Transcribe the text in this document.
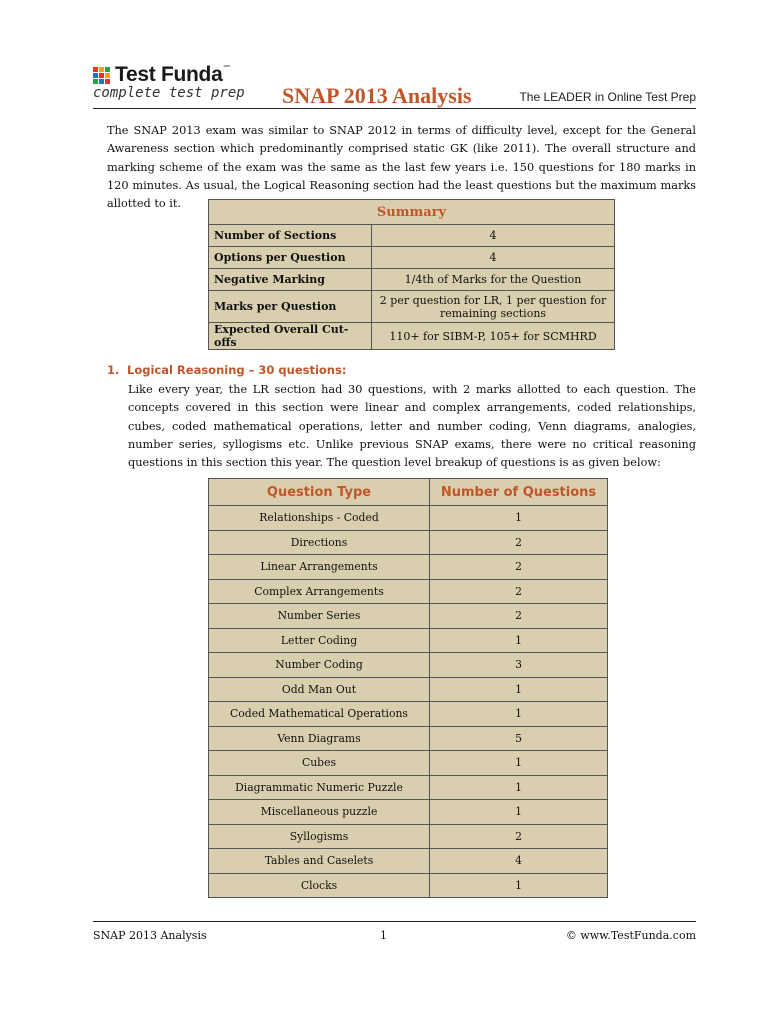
Test Funda$^{com}$
complete test prep SNAP 2013 Analysis	The LEADER in Online Test Prep
The SNAP 2013 exam was similar to SNAP 2012 in terms of difficulty level, except for the General Awareness section which predominantly comprised static GK (like 2011). The overall structure and marking scheme of the exam was the same as the last few years i.e. 150 questions for 180 marks in 120 minutes. As usual, the Logical Reasoning section had the least questions but the maximum marks allotted to it.
Summary	
Number of Sections	4
Options per Question	4
Negative Marking	1/4th of Marks for the Question
Marks per Question	2 per question for LR, 1 per question for remaining sections
Expected Overall Cut-offs	110+ for SIBM-P, 105+ for SCMHRD
1. Logical Reasoning – 30 questions:
Like every year, the LR section had 30 questions, with 2 marks allotted to each question. The concepts covered in this section were linear and complex arrangements, coded relationships, cubes, coded mathematical operations, letter and number coding, Venn diagrams, analogies, number series, syllogisms etc. Unlike previous SNAP exams, there were no critical reasoning questions in this section this year. The question level breakup of questions is as given below:
Question Type	Number of Questions
Relationships - Coded	1
Directions	2
Linear Arrangements	2
Complex Arrangements	2
Number Series	2
Letter Coding	1
Number Coding	3
Odd Man Out	1
Coded Mathematical Operations	1
Venn Diagrams	5
Cubes	1
Diagrammatic Numeric Puzzle	1
Miscellaneous puzzle	1
Syllogisms	2
Tables and Caselets	4
Clocks	1
SNAP 2013 Analysis	1	© www.TestFunda.com
